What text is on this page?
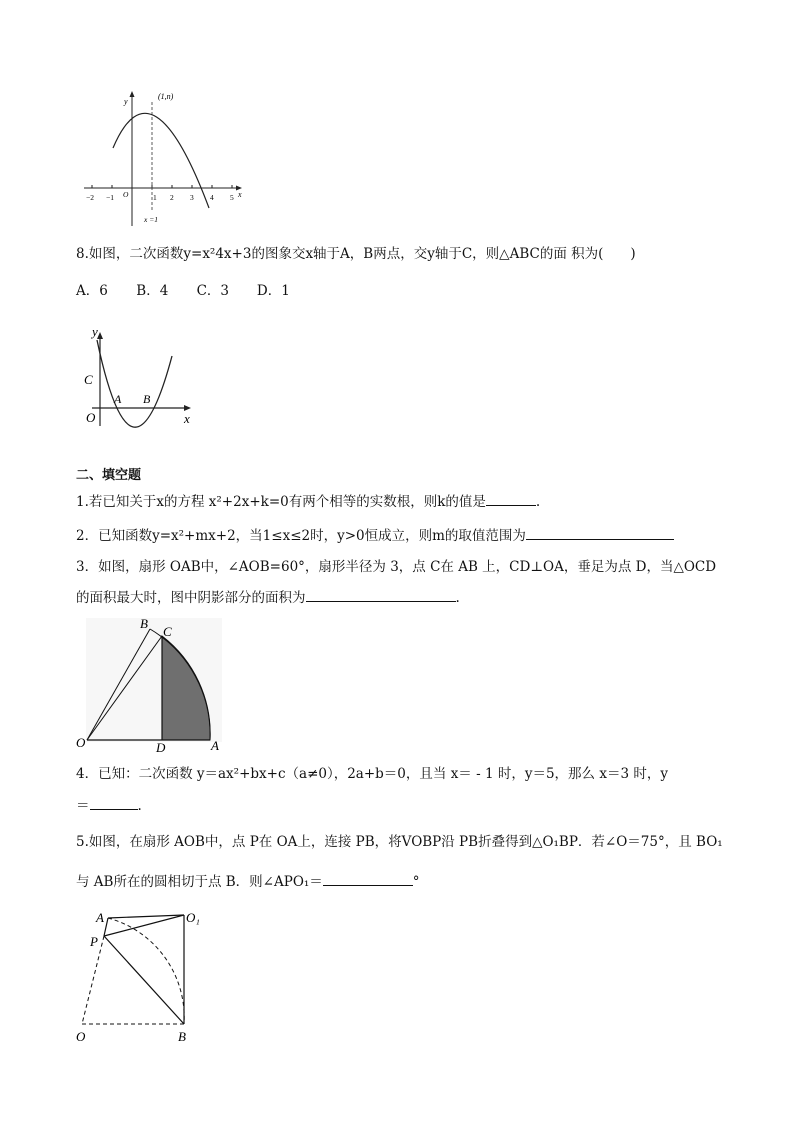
(1,n)
y
x
O
−2 −1	1 2 3 4 5
x =1
8.如图，二次函数y=x²4x+3的图象交x轴于A，B两点，交y轴于C，则△ABC的面 积为(　　)
A．6 B．4 C．3 D．1
y
C
A B
O	x
二、填空题
1.若已知关于x的方程 x²+2x+k=0有两个相等的实数根，则k的值是	.
2．已知函数y=x²+mx+2，当1≤x≤2时，y>0恒成立，则m的取值范围为
3．如图，扇形 OAB中，∠AOB=60°，扇形半径为 3，点 C在 AB 上，CD⊥OA，垂足为点 D，当△OCD
的面积最大时，图中阴影部分的面积为	.
B
C
O	D	A
4．已知：二次函数 y＝ax²+bx+c（a≠0），2a+b＝0，且当 x＝ - 1 时，y＝5，那么 x＝3 时，y
＝	.
5.如图，在扇形 AOB中，点 P在 OA上，连接 PB，将VOBP沿 PB折叠得到△O₁BP．若∠O＝75°，且 BO₁
与 AB所在的圆相切于点 B．则∠APO₁＝	°
A	O₁
P
O	B
